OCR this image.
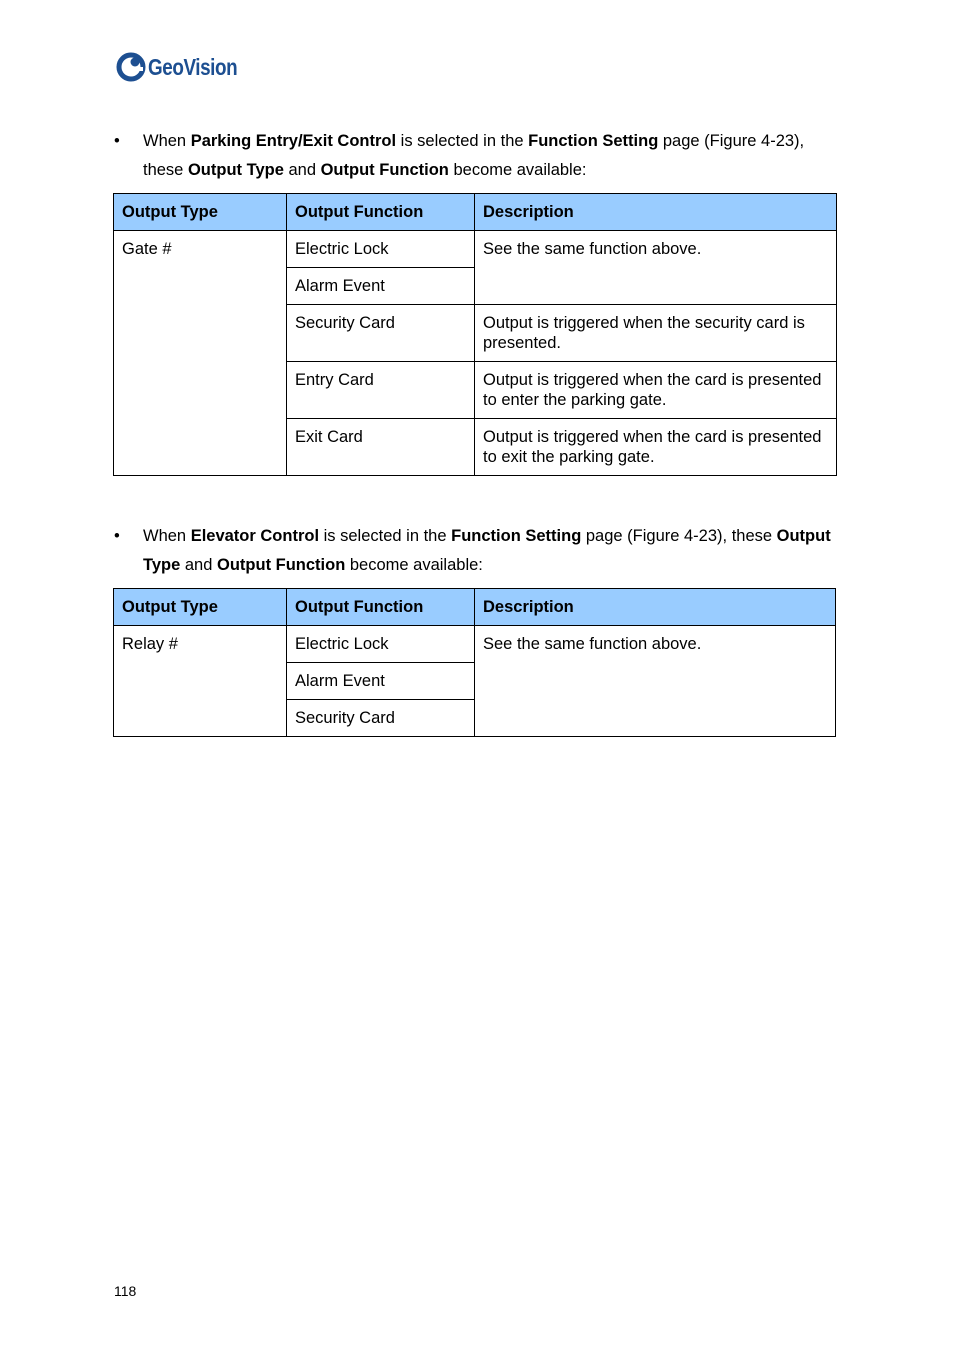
GeoVision
•	When Parking Entry/Exit Control is selected in the Function Setting page (Figure 4-23), these Output Type and Output Function become available:

Output Type	Output Function	Description
Gate #	Electric Lock	See the same function above.
	Alarm Event	
	Security Card	Output is triggered when the security card is presented.
	Entry Card	Output is triggered when the card is presented to enter the parking gate.
	Exit Card	Output is triggered when the card is presented to exit the parking gate.
•	When Elevator Control is selected in the Function Setting page (Figure 4-23), these Output Type and Output Function become available:

Output Type	Output Function	Description
Relay #	Electric Lock	See the same function above.
	Alarm Event	
	Security Card	
118
